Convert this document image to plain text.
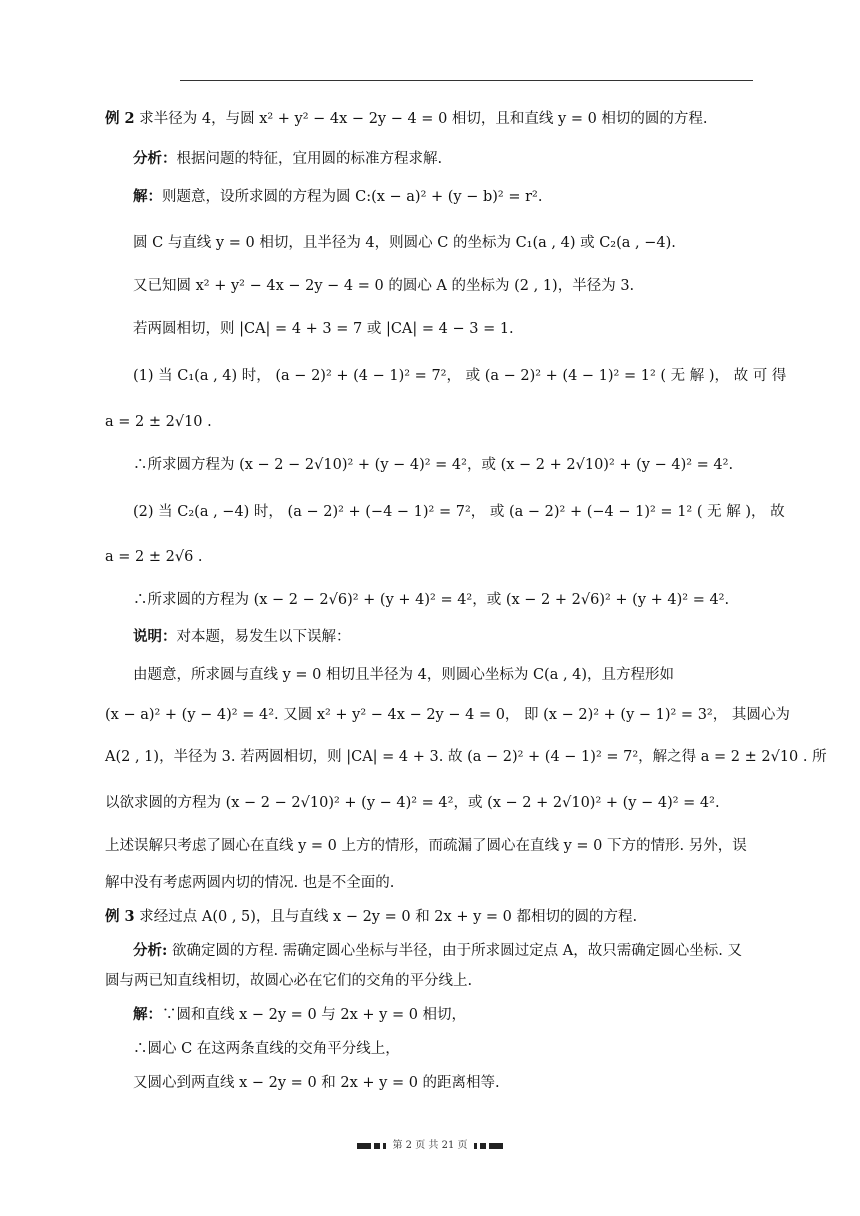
例 2 求半径为 4，与圆 x² + y² − 4x − 2y − 4 = 0 相切，且和直线 y = 0 相切的圆的方程.
分析：根据问题的特征，宜用圆的标准方程求解.
解：则题意，设所求圆的方程为圆 C:(x − a)² + (y − b)² = r².
圆 C 与直线 y = 0 相切，且半径为 4，则圆心 C 的坐标为 C₁(a , 4) 或 C₂(a , −4).
又已知圆 x² + y² − 4x − 2y − 4 = 0 的圆心 A 的坐标为 (2 , 1)，半径为 3.
若两圆相切，则 |CA| = 4 + 3 = 7 或 |CA| = 4 − 3 = 1.
(1) 当 C₁(a , 4) 时， (a − 2)² + (4 − 1)² = 7²， 或 (a − 2)² + (4 − 1)² = 1² ( 无 解 )， 故 可 得
a = 2 ± 2√10 .
∴所求圆方程为 (x − 2 − 2√10)² + (y − 4)² = 4²，或 (x − 2 + 2√10)² + (y − 4)² = 4².
(2) 当 C₂(a , −4) 时， (a − 2)² + (−4 − 1)² = 7²， 或 (a − 2)² + (−4 − 1)² = 1² ( 无 解 )， 故
a = 2 ± 2√6 .
∴所求圆的方程为 (x − 2 − 2√6)² + (y + 4)² = 4²，或 (x − 2 + 2√6)² + (y + 4)² = 4².
说明：对本题，易发生以下误解：
由题意，所求圆与直线 y = 0 相切且半径为 4，则圆心坐标为 C(a , 4)，且方程形如
(x − a)² + (y − 4)² = 4². 又圆 x² + y² − 4x − 2y − 4 = 0， 即 (x − 2)² + (y − 1)² = 3²， 其圆心为
A(2 , 1)，半径为 3. 若两圆相切，则 |CA| = 4 + 3. 故 (a − 2)² + (4 − 1)² = 7²，解之得 a = 2 ± 2√10 . 所
以欲求圆的方程为 (x − 2 − 2√10)² + (y − 4)² = 4²，或 (x − 2 + 2√10)² + (y − 4)² = 4².
上述误解只考虑了圆心在直线 y = 0 上方的情形，而疏漏了圆心在直线 y = 0 下方的情形. 另外，误
解中没有考虑两圆内切的情况. 也是不全面的.
例 3 求经过点 A(0 , 5)，且与直线 x − 2y = 0 和 2x + y = 0 都相切的圆的方程.
分析: 欲确定圆的方程. 需确定圆心坐标与半径，由于所求圆过定点 A，故只需确定圆心坐标. 又
圆与两已知直线相切，故圆心必在它们的交角的平分线上.
解：∵圆和直线 x − 2y = 0 与 2x + y = 0 相切，
∴圆心 C 在这两条直线的交角平分线上，
又圆心到两直线 x − 2y = 0 和 2x + y = 0 的距离相等.
第 2 页 共 21 页
